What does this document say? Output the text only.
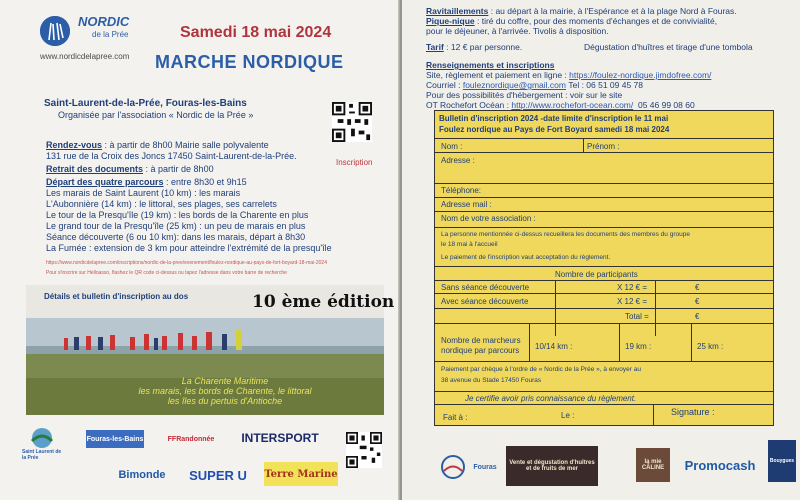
NORDIC
de la Prée
www.nordicdelapree.com
Samedi 18 mai 2024
MARCHE NORDIQUE
Saint-Laurent-de-la-Prée, Fouras-les-Bains
Organisée par l'association « Nordic de la Prée »
Inscription
Rendez-vous : à partir de 8h00 Mairie salle polyvalente
131 rue de la Croix des Joncs 17450 Saint-Laurent-de-la-Prée.
Retrait des documents : à partir de 8h00
Départ des quatre parcours : entre 8h30 et 9h15
Les marais de Saint Laurent (10 km) : les marais
L'Aubonnière (14 km) : le littoral, ses plages, ses carrelets
Le tour de la Presqu'île (19 km) : les bords de la Charente en plus
Le grand tour de la Presqu'île (25 km) : un peu de marais en plus
Séance découverte (6 ou 10 km): dans les marais, départ à 8h30
La Fumée : extension de 3 km pour atteindre l'extrémité de la presqu'île
https://www.nordicdelapree.com/inscriptions/nordic-de-la-pree/evenement/foulez-nordique-au-pays-de-fort-boyard-18-mai-2024
Pour s'inscrire sur Helloasso, flashez le QR code ci-dessus ou tapez l'adresse dans votre barre de recherche
Détails et bulletin d'inscription au dos	10 ème édition
La Charente Maritime
les marais, les bords de Charente, le littoral
les îles du pertuis d'Antioche
Saint Laurent de la Prée
Fouras-les-Bains	FFRandonnée	INTERSPORT
Bimonde	SUPER U	Terre Marine
Ravitaillements : au départ à la mairie, à l'Espérance et à la plage Nord à Fouras.
Pique-nique : tiré du coffre, pour des moments d'échanges et de convivialité,
pour le déjeuner, à l'arrivée. Tivolis à disposition.
Tarif : 12 € par personne.	Dégustation d'huîtres et tirage d'une tombola
Renseignements et inscriptions
Site, règlement et paiement en ligne : https://foulez-nordique.jimdofree.com/
Courriel : fouleznordique@gmail.com Tel : 06 51 09 45 78
Pour des possibilités d'hébergement : voir sur le site
OT Rochefort Océan : http://www.rochefort-ocean.com/ 05 46 99 08 60
Bulletin d'inscription 2024 -date limite d'inscription le 11 mai
Foulez nordique au Pays de Fort Boyard samedi 18 mai 2024
Nom :	Prénom :
Adresse :
Téléphone:
Adresse mail :
Nom de votre association :
La personne mentionnée ci-dessus recueillera les documents des membres du groupe
le 18 mai à l'accueil
Le paiement de l'inscription vaut acceptation du règlement.
Nombre de participants
Sans séance découverte	X 12 € =	€
Avec séance découverte	X 12 € =	€
Total =	€
Nombre de marcheurs
nordique par parcours 10/14 km :	19 km :	25 km :
Paiement par chèque à l'ordre de « Nordic de la Prée », à envoyer au
38 avenue du Stade 17450 Fouras
Je certifie avoir pris connaissance du règlement.
Fait à :	Le :	Signature :
Fouras
Vente et dégustation d'huîtres et de fruits de mer
la mie CÂLINE	Promocash	Bouygues
